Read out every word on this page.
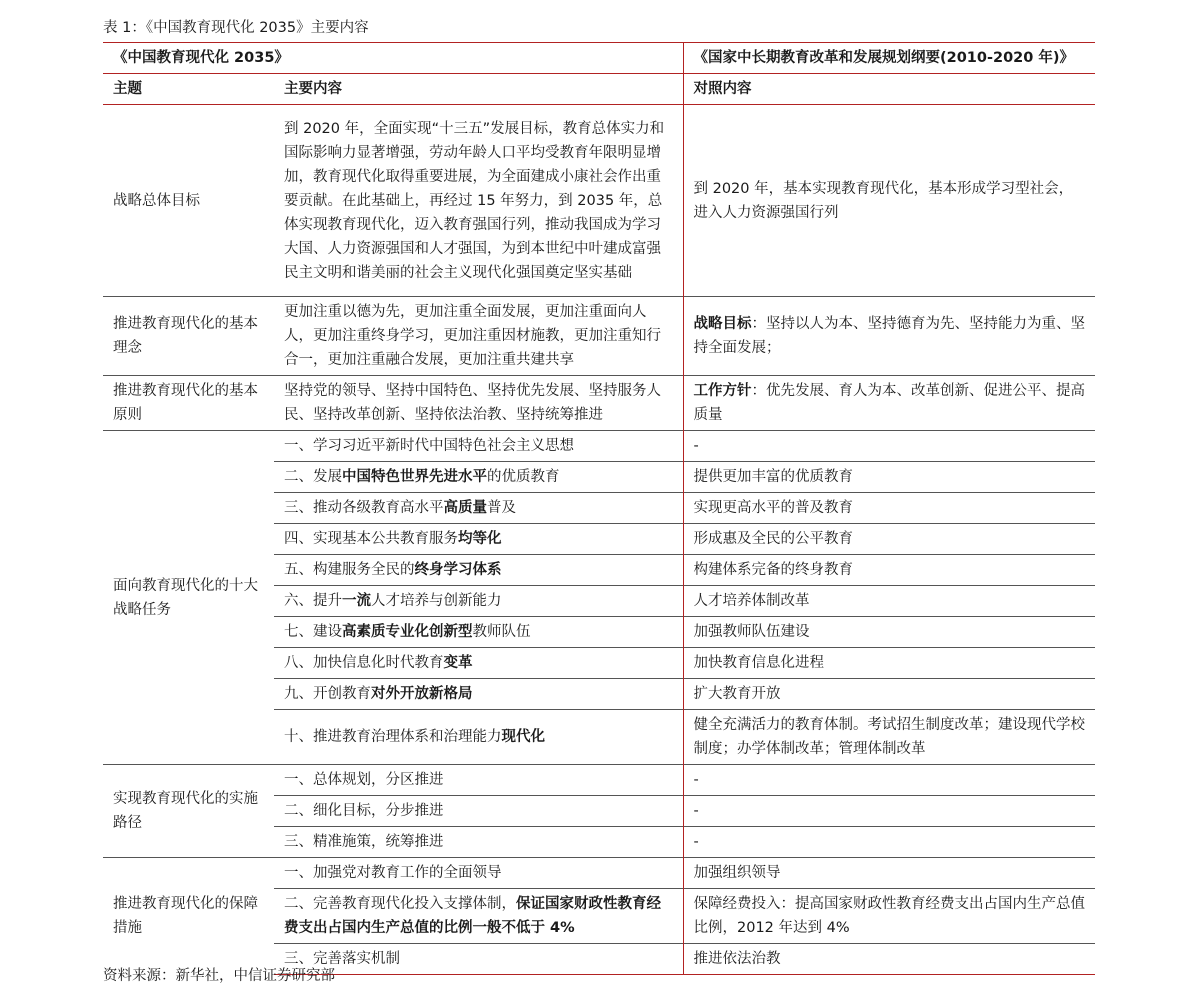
表 1：《中国教育现代化 2035》主要内容
《中国教育现代化 2035》		《国家中长期教育改革和发展规划纲要(2010-2020 年)》
主题	主要内容	对照内容
战略总体目标	到 2020 年，全面实现“十三五”发展目标，教育总体实力和国际影响力显著增强，劳动年龄人口平均受教育年限明显增加，教育现代化取得重要进展，为全面建成小康社会作出重要贡献。在此基础上，再经过 15 年努力，到 2035 年，总体实现教育现代化，迈入教育强国行列，推动我国成为学习大国、人力资源强国和人才强国，为到本世纪中叶建成富强民主文明和谐美丽的社会主义现代化强国奠定坚实基础	到 2020 年，基本实现教育现代化，基本形成学习型社会，进入人力资源强国行列
推进教育现代化的基本理念	更加注重以德为先，更加注重全面发展，更加注重面向人人，更加注重终身学习，更加注重因材施教，更加注重知行合一，更加注重融合发展，更加注重共建共享	战略目标：坚持以人为本、坚持德育为先、坚持能力为重、坚持全面发展；
推进教育现代化的基本原则	坚持党的领导、坚持中国特色、坚持优先发展、坚持服务人民、坚持改革创新、坚持依法治教、坚持统筹推进	工作方针：优先发展、育人为本、改革创新、促进公平、提高质量
面向教育现代化的十大战略任务	一、学习习近平新时代中国特色社会主义思想	-
	二、发展中国特色世界先进水平的优质教育	提供更加丰富的优质教育
	三、推动各级教育高水平高质量普及	实现更高水平的普及教育
	四、实现基本公共教育服务均等化	形成惠及全民的公平教育
	五、构建服务全民的终身学习体系	构建体系完备的终身教育
	六、提升一流人才培养与创新能力	人才培养体制改革
	七、建设高素质专业化创新型教师队伍	加强教师队伍建设
	八、加快信息化时代教育变革	加快教育信息化进程
	九、开创教育对外开放新格局	扩大教育开放
	十、推进教育治理体系和治理能力现代化	健全充满活力的教育体制。考试招生制度改革；建设现代学校制度；办学体制改革；管理体制改革
实现教育现代化的实施路径	一、总体规划，分区推进	-
	二、细化目标，分步推进	-
	三、精准施策，统筹推进	-
推进教育现代化的保障措施	一、加强党对教育工作的全面领导	加强组织领导
	二、完善教育现代化投入支撑体制，保证国家财政性教育经费支出占国内生产总值的比例一般不低于 4%	保障经费投入：提高国家财政性教育经费支出占国内生产总值比例，2012 年达到 4%
	三、完善落实机制	推进依法治教
资料来源：新华社，中信证券研究部
